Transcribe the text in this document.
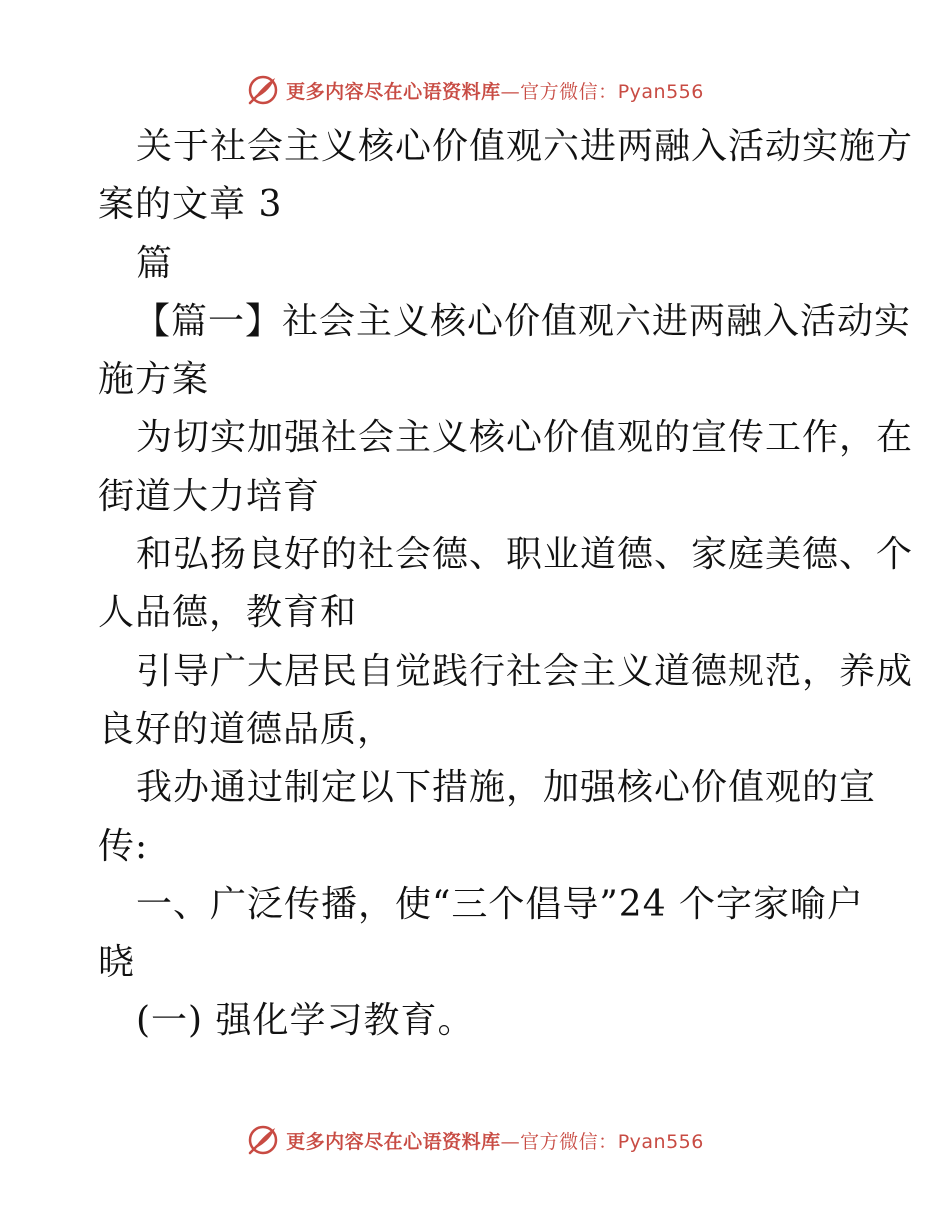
更多内容尽在心语资料库—官方微信：Pyan556
关于社会主义核心价值观六进两融入活动实施方
案的文章 3
篇
【篇一】社会主义核心价值观六进两融入活动实
施方案
为切实加强社会主义核心价值观的宣传工作，在
街道大力培育
和弘扬良好的社会德、职业道德、家庭美德、个
人品德，教育和
引导广大居民自觉践行社会主义道德规范，养成
良好的道德品质，
我办通过制定以下措施，加强核心价值观的宣
传:
一、广泛传播，使“三个倡导”24 个字家喻户
晓
(一) 强化学习教育。
更多内容尽在心语资料库—官方微信：Pyan556
